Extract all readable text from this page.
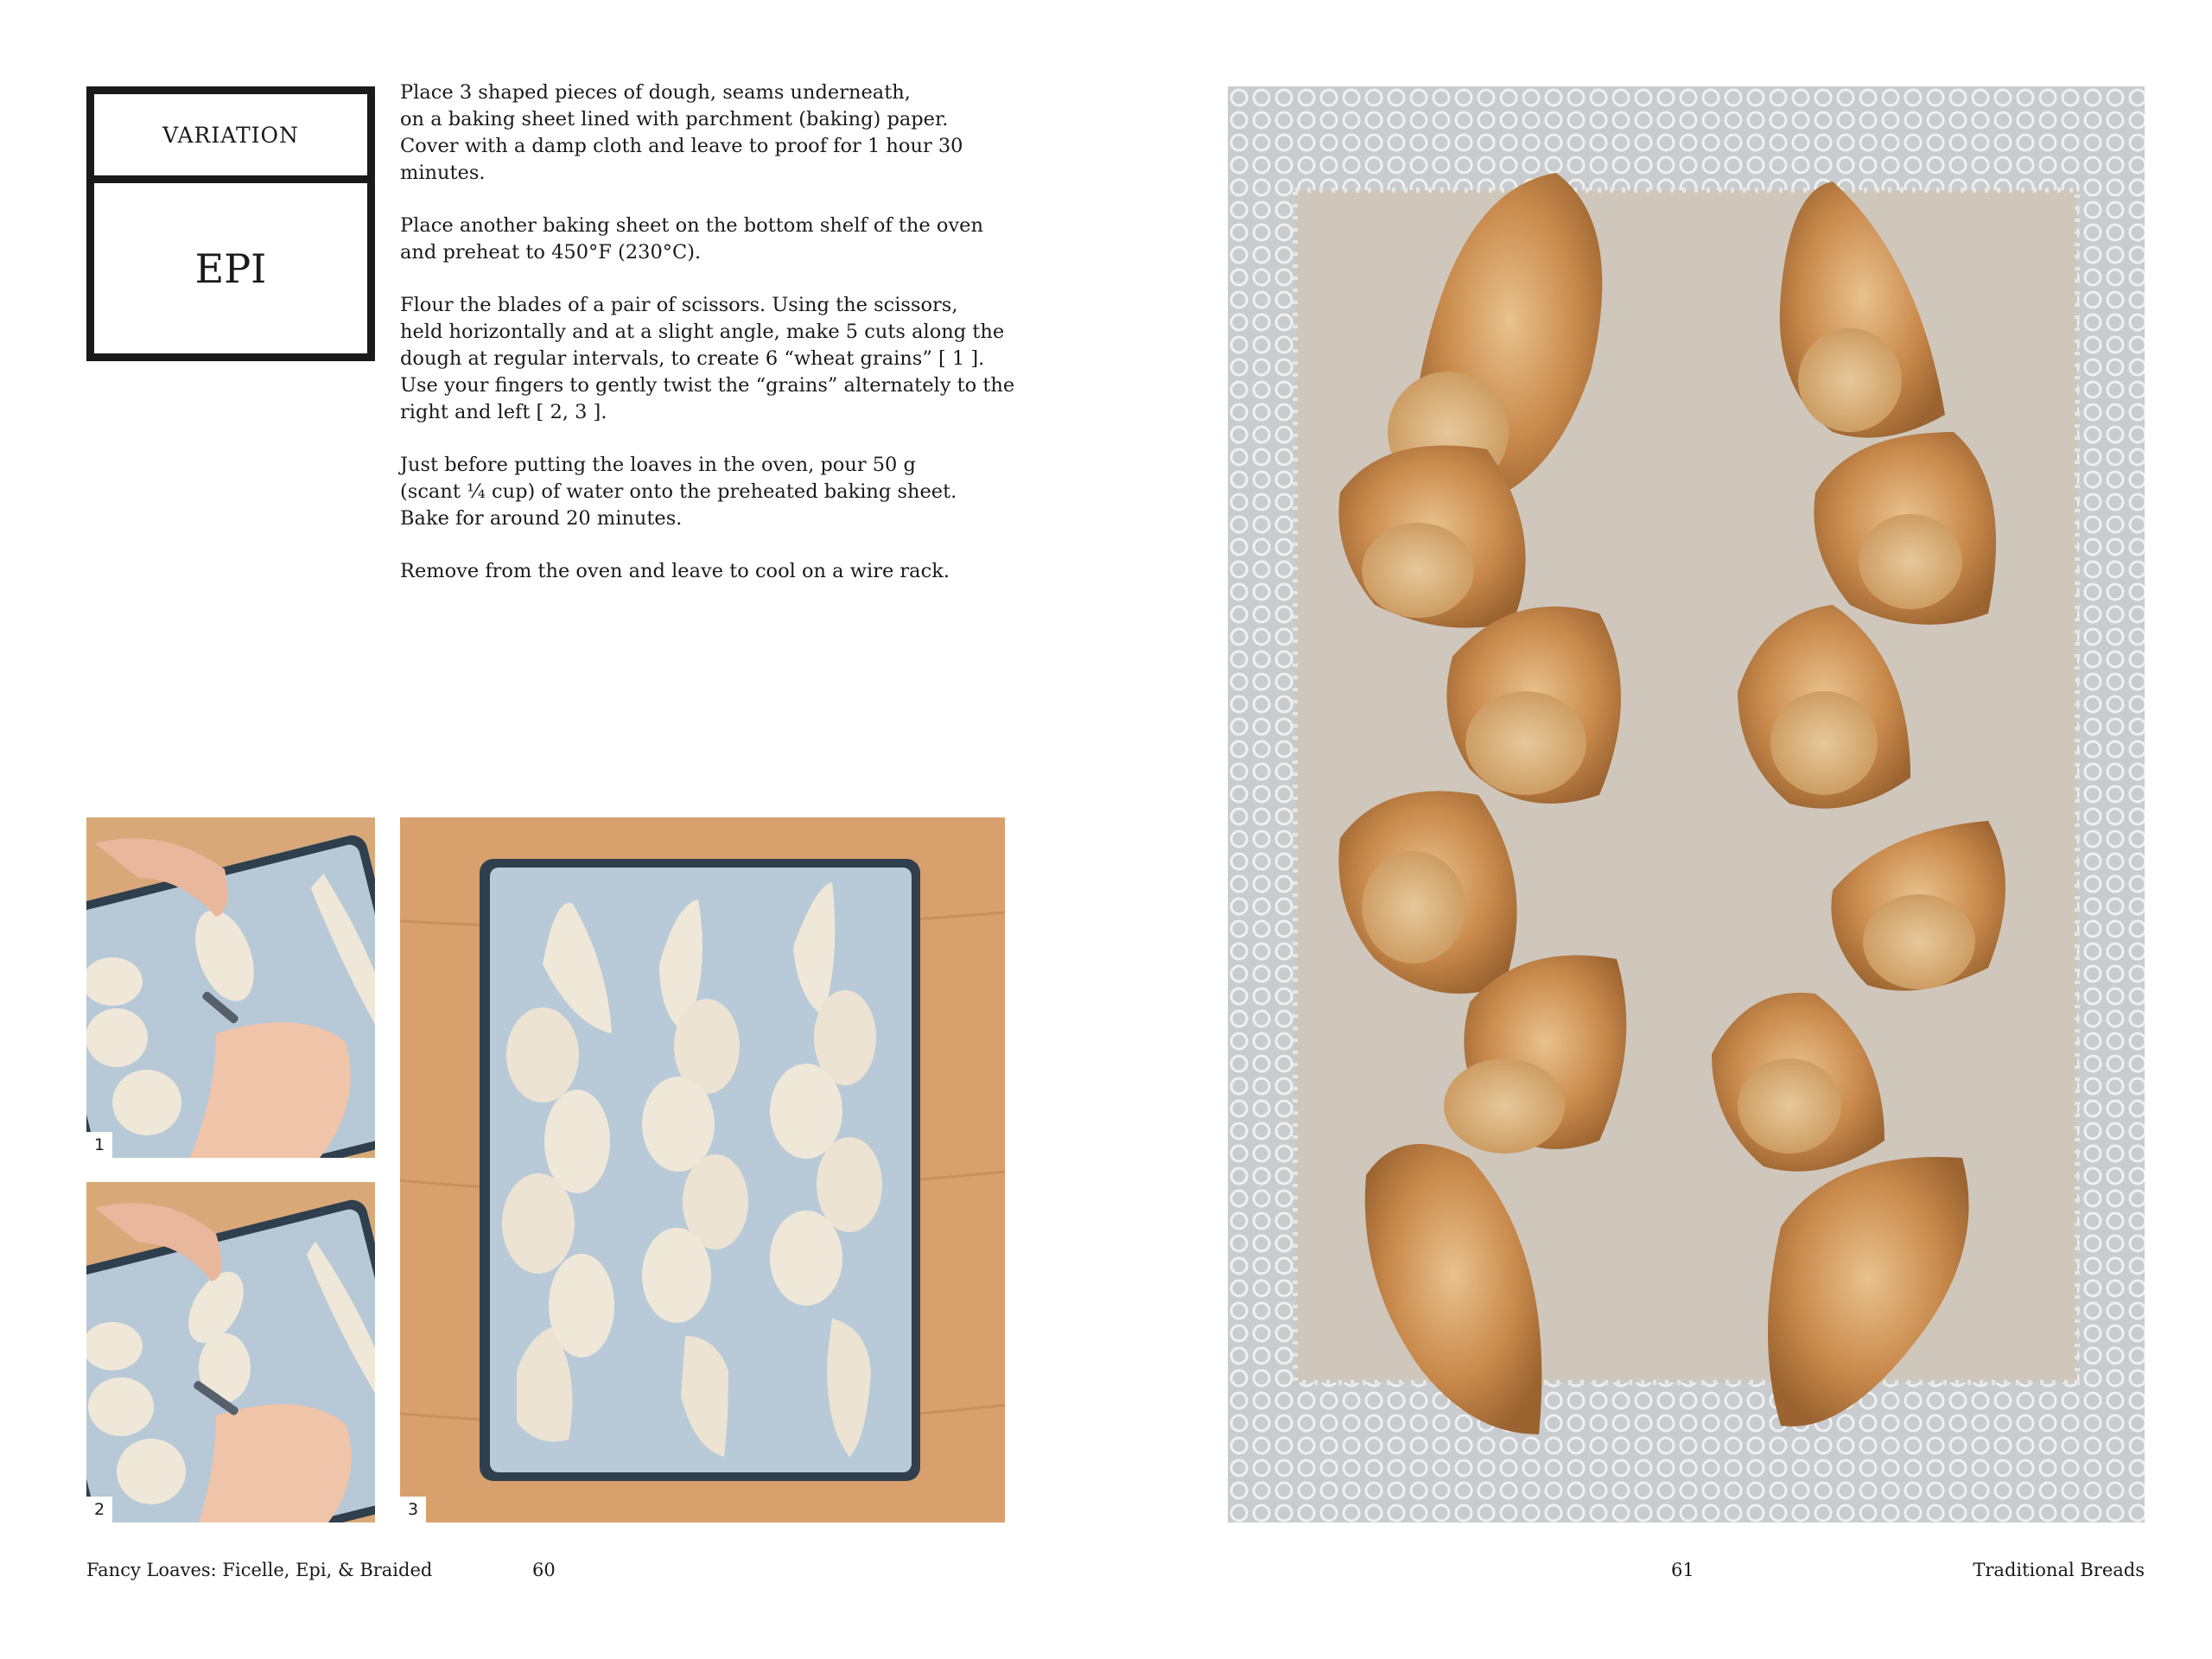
VARIATION
EPI

Place 3 shaped pieces of dough, seams underneath,
on a baking sheet lined with parchment (baking) paper.
Cover with a damp cloth and leave to proof for 1 hour 30 minutes.

Place another baking sheet on the bottom shelf of the oven
and preheat to 450°F (230°C).

Flour the blades of a pair of scissors. Using the scissors,
held horizontally and at a slight angle, make 5 cuts along the
dough at regular intervals, to create 6 “wheat grains” [ 1 ].
Use your fingers to gently twist the “grains” alternately to the
right and left [ 2, 3 ].

Just before putting the loaves in the oven, pour 50 g
(scant ¼ cup) of water onto the preheated baking sheet.
Bake for around 20 minutes.

Remove from the oven and leave to cool on a wire rack.

1
2	3
Fancy Loaves: Ficelle, Epi, & Braided	60	61	Traditional Breads
